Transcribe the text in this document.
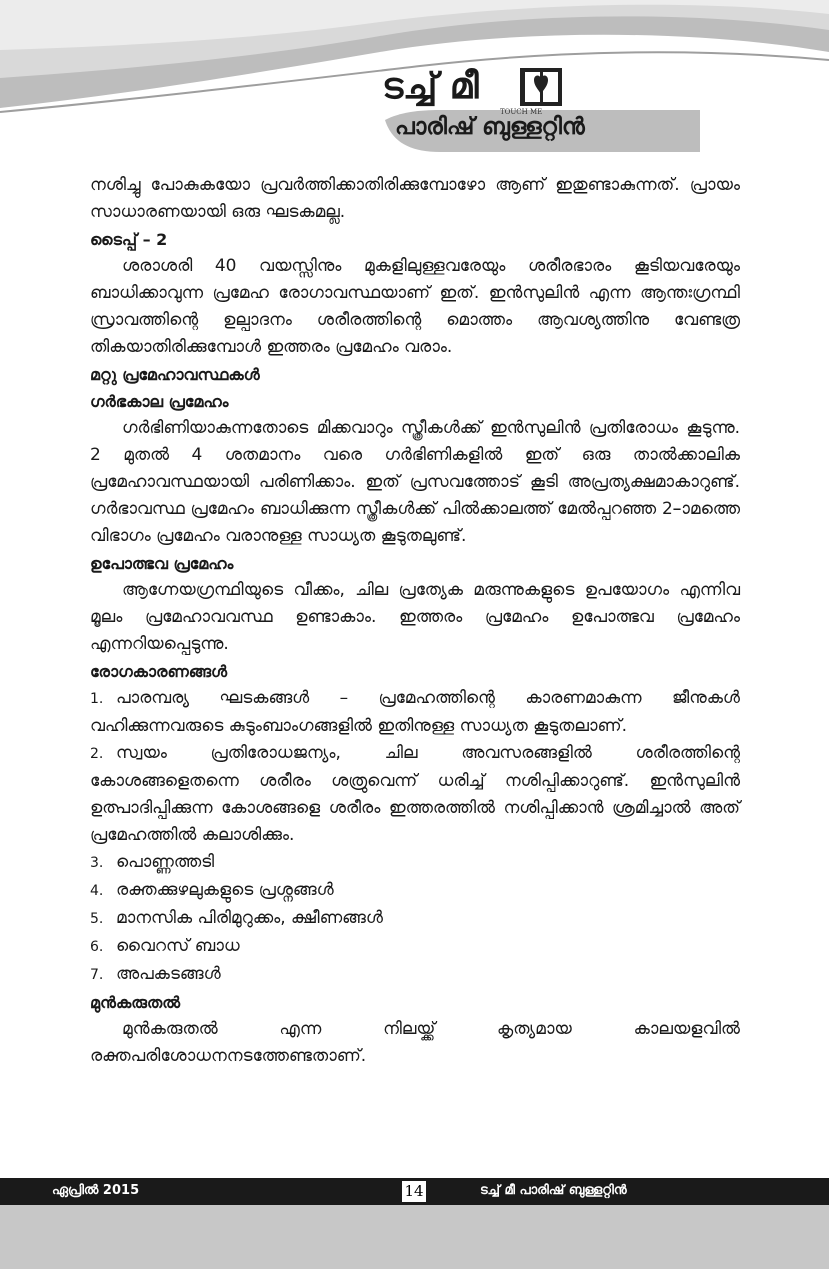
ടച്ച് മീ
TOUCH ME
പാരിഷ് ബുള്ളറ്റിൻ

നശിച്ചു പോകുകയോ പ്രവർത്തിക്കാതിരിക്കുമ്പോഴോ ആണ് ഇതുണ്ടാകുന്നത്. പ്രായം സാധാരണയായി ഒരു ഘടകമല്ല.

ടൈപ്പ് – 2

ശരാശരി 40 വയസ്സിനും മുകളിലുള്ളവരേയും ശരീരഭാരം കൂടിയവരേയും ബാധിക്കാവുന്ന പ്രമേഹ രോഗാവസ്ഥയാണ് ഇത്. ഇൻസുലിൻ എന്ന ആന്തഃഗ്രന്ഥി സ്രാവത്തിന്റെ ഉല്പാദനം ശരീരത്തിന്റെ മൊത്തം ആവശ്യത്തിനു വേണ്ടത്ര തികയാതിരിക്കുമ്പോൾ ഇത്തരം പ്രമേഹം വരാം.

മറ്റു പ്രമേഹാവസ്ഥകൾ
ഗർഭകാല പ്രമേഹം

ഗർഭിണിയാകുന്നതോടെ മിക്കവാറും സ്ത്രീകൾക്ക് ഇൻസുലിൻ പ്രതിരോധം കൂടുന്നു. 2 മുതൽ 4 ശതമാനം വരെ ഗർഭിണികളിൽ ഇത് ഒരു താൽക്കാലിക പ്രമേഹാവസ്ഥയായി പരിണിക്കാം. ഇത് പ്രസവത്തോട് കൂടി അപ്രത്യക്ഷമാകാറുണ്ട്. ഗർഭാവസ്ഥ പ്രമേഹം ബാധിക്കുന്ന സ്ത്രീകൾക്ക് പിൽക്കാലത്ത് മേൽപ്പറഞ്ഞ 2–ാമത്തെ വിഭാഗം പ്രമേഹം വരാനുള്ള സാധ്യത കൂടുതലുണ്ട്.

ഉപോത്ഭവ പ്രമേഹം

ആഗ്നേയഗ്രന്ഥിയുടെ വീക്കം, ചില പ്രത്യേക മരുന്നുകളുടെ ഉപയോഗം എന്നിവ മൂലം പ്രമേഹാവവസ്ഥ ഉണ്ടാകാം. ഇത്തരം പ്രമേഹം ഉപോത്ഭവ പ്രമേഹം എന്നറിയപ്പെടുന്നു.

രോഗകാരണങ്ങൾ
1. പാരമ്പര്യ ഘടകങ്ങൾ – പ്രമേഹത്തിന്റെ കാരണമാകുന്ന ജീനുകൾ വഹിക്കുന്നവരുടെ കുടുംബാംഗങ്ങളിൽ ഇതിനുള്ള സാധ്യത കൂടുതലാണ്.
2. സ്വയം പ്രതിരോധജന്യം, ചില അവസരങ്ങളിൽ ശരീരത്തിന്റെ കോശങ്ങളെതന്നെ ശരീരം ശത്രുവെന്ന് ധരിച്ച് നശിപ്പിക്കാറുണ്ട്. ഇൻസുലിൻ ഉത്പാദിപ്പിക്കുന്ന കോശങ്ങളെ ശരീരം ഇത്തരത്തിൽ നശിപ്പിക്കാൻ ശ്രമിച്ചാൽ അത് പ്രമേഹത്തിൽ കലാശിക്കും.
3. പൊണ്ണത്തടി
4. രക്തക്കുഴലുകളുടെ പ്രശ്നങ്ങൾ
5. മാനസിക പിരിമുറുക്കം, ക്ഷീണങ്ങൾ
6. വൈറസ് ബാധ
7. അപകടങ്ങൾ
മുൻകരുതൽ

മുൻകരുതൽ എന്ന നിലയ്ക്ക് കൃത്യമായ കാലയളവിൽ രക്തപരിശോധനനടത്തേണ്ടതാണ്.

ഏപ്രിൽ 2015	14	ടച്ച് മീ പാരിഷ് ബുള്ളറ്റിൻ
